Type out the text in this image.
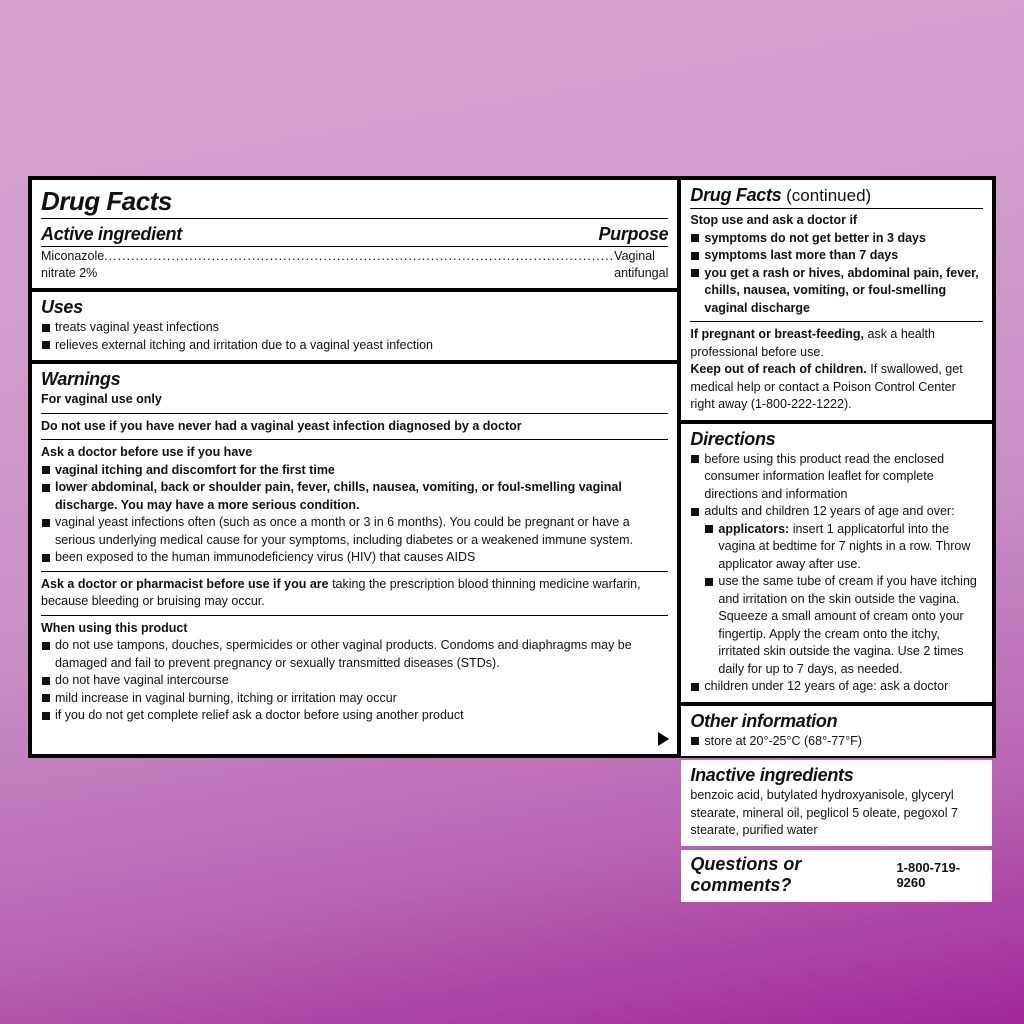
Drug Facts
Active ingredient	Purpose
Miconazole nitrate 2%
.................................................................................................................. Vaginal antifungal
Uses
treats vaginal yeast infections
relieves external itching and irritation due to a vaginal yeast infection
Warnings

For vaginal use only

Do not use if you have never had a vaginal yeast infection diagnosed by a doctor

Ask a doctor before use if you have

vaginal itching and discomfort for the first time
lower abdominal, back or shoulder pain, fever, chills, nausea, vomiting, or foul-smelling vaginal discharge. You may have a more serious condition.
vaginal yeast infections often (such as once a month or 3 in 6 months). You could be pregnant or have a serious underlying medical cause for your symptoms, including diabetes or a weakened immune system.
been exposed to the human immunodeficiency virus (HIV) that causes AIDS

Ask a doctor or pharmacist before use if you are taking the prescription blood thinning medicine warfarin, because bleeding or bruising may occur.

When using this product

do not use tampons, douches, spermicides or other vaginal products. Condoms and diaphragms may be damaged and fail to prevent pregnancy or sexually transmitted diseases (STDs).
do not have vaginal intercourse
mild increase in vaginal burning, itching or irritation may occur
if you do not get complete relief ask a doctor before using another product
Drug Facts (continued)

Stop use and ask a doctor if

symptoms do not get better in 3 days
symptoms last more than 7 days
you get a rash or hives, abdominal pain, fever, chills, nausea, vomiting, or foul-smelling vaginal discharge

If pregnant or breast-feeding, ask a health professional before use.

Keep out of reach of children. If swallowed, get medical help or contact a Poison Control Center right away (1-800-222-1222).

Directions
before using this product read the enclosed consumer information leaflet for complete directions and information
adults and children 12 years of age and over:
applicators: insert 1 applicatorful into the vagina at bedtime for 7 nights in a row. Throw applicator away after use.
use the same tube of cream if you have itching and irritation on the skin outside the vagina. Squeeze a small amount of cream onto your fingertip. Apply the cream onto the itchy, irritated skin outside the vagina. Use 2 times daily for up to 7 days, as needed.
children under 12 years of age: ask a doctor
Other information
store at 20°-25°C (68°-77°F)
Inactive ingredients

benzoic acid, butylated hydroxyanisole, glyceryl stearate, mineral oil, peglicol 5 oleate, pegoxol 7 stearate, purified water

Questions or comments?
1-800-719-9260
